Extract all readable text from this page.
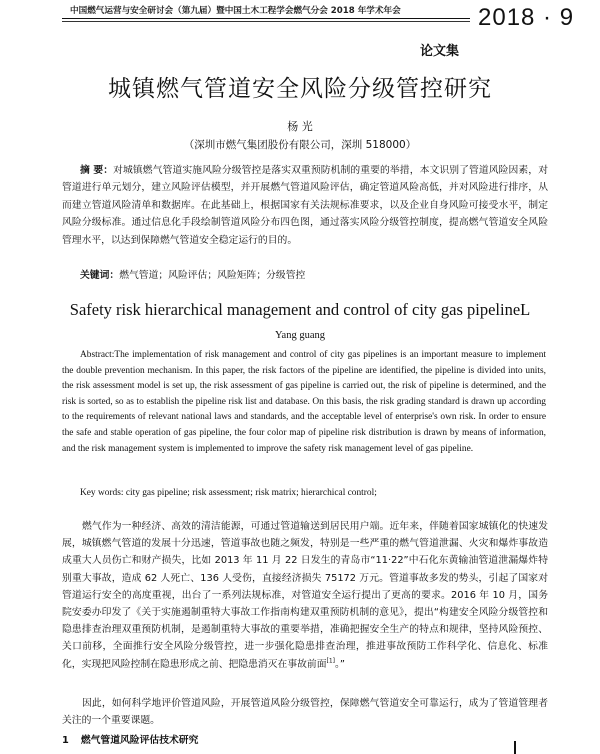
中国燃气运营与安全研讨会（第九届）暨中国土木工程学会燃气分会 2018 年学术年会	2018 · 9
论文集
城镇燃气管道安全风险分级管控研究
杨 光
（深圳市燃气集团股份有限公司，深圳 518000）
摘 要：对城镇燃气管道实施风险分级管控是落实双重预防机制的重要的举措，本文识别了管道风险因素，对管道进行单元划分，建立风险评估模型，并开展燃气管道风险评估，确定管道风险高低，并对风险进行排序，从而建立管道风险清单和数据库。在此基础上，根据国家有关法规标准要求，以及企业自身风险可接受水平，制定风险分级标准。通过信息化手段绘制管道风险分布四色图，通过落实风险分级管控制度，提高燃气管道安全风险管理水平，以达到保障燃气管道安全稳定运行的目的。
关键词：燃气管道；风险评估；风险矩阵；分级管控
Safety risk hierarchical management and control of city gas pipelineL
Yang guang
Abstract:The implementation of risk management and control of city gas pipelines is an important measure to implement the double prevention mechanism. In this paper, the risk factors of the pipeline are identified, the pipeline is divided into units, the risk assessment model is set up, the risk assessment of gas pipeline is carried out, the risk of pipeline is determined, and the risk is sorted, so as to establish the pipeline risk list and database. On this basis, the risk grading standard is drawn up according to the requirements of relevant national laws and standards, and the acceptable level of enterprise's own risk. In order to ensure the safe and stable operation of gas pipeline, the four color map of pipeline risk distribution is drawn by means of information, and the risk management system is implemented to improve the safety risk management level of gas pipeline.
Key words: city gas pipeline; risk assessment; risk matrix; hierarchical control;
燃气作为一种经济、高效的清洁能源，可通过管道输送到居民用户端。近年来，伴随着国家城镇化的快速发展，城镇燃气管道的发展十分迅速，管道事故也随之频发，特别是一些严重的燃气管道泄漏、火灾和爆炸事故造成重大人员伤亡和财产损失，比如 2013 年 11 月 22 日发生的青岛市“11·22”中石化东黄输油管道泄漏爆炸特别重大事故，造成 62 人死亡、136 人受伤，直接经济损失 75172 万元。管道事故多发的势头，引起了国家对管道运行安全的高度重视，出台了一系列法规标准，对管道安全运行提出了更高的要求。2016 年 10 月，国务院安委办印发了《关于实施遏制重特大事故工作指南构建双重预防机制的意见》，提出“构建安全风险分级管控和隐患排查治理双重预防机制，是遏制重特大事故的重要举措，准确把握安全生产的特点和规律，坚持风险预控、关口前移，全面推行安全风险分级管控，进一步强化隐患排查治理，推进事故预防工作科学化、信息化、标准化，实现把风险控制在隐患形成之前、把隐患消灭在事故前面[1]。”
因此，如何科学地评价管道风险，开展管道风险分级管控，保障燃气管道安全可靠运行，成为了管道管理者关注的一个重要课题。
1 燃气管道风险评估技术研究
